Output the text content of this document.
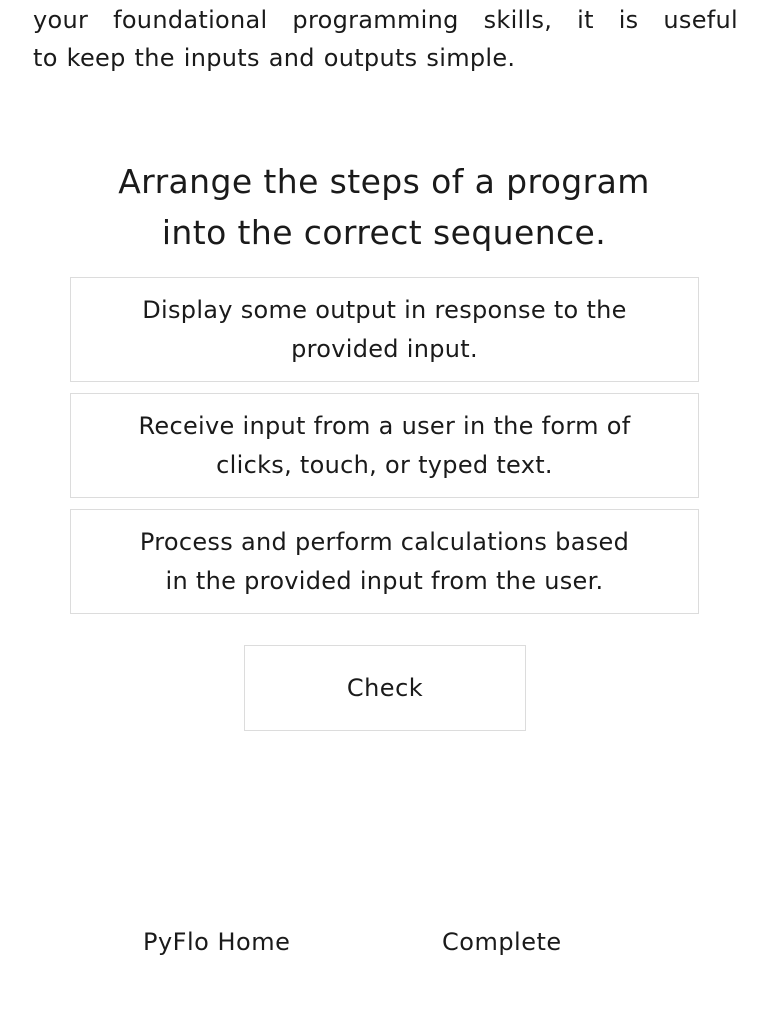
your foundational programming skills, it is useful
to keep the inputs and outputs simple.

Arrange the steps of a program
into the correct sequence.
Display some output in response to the
provided input.
Receive input from a user in the form of
clicks, touch, or typed text.
Process and perform calculations based
in the provided input from the user.
Check
PyFlo Home	Complete
